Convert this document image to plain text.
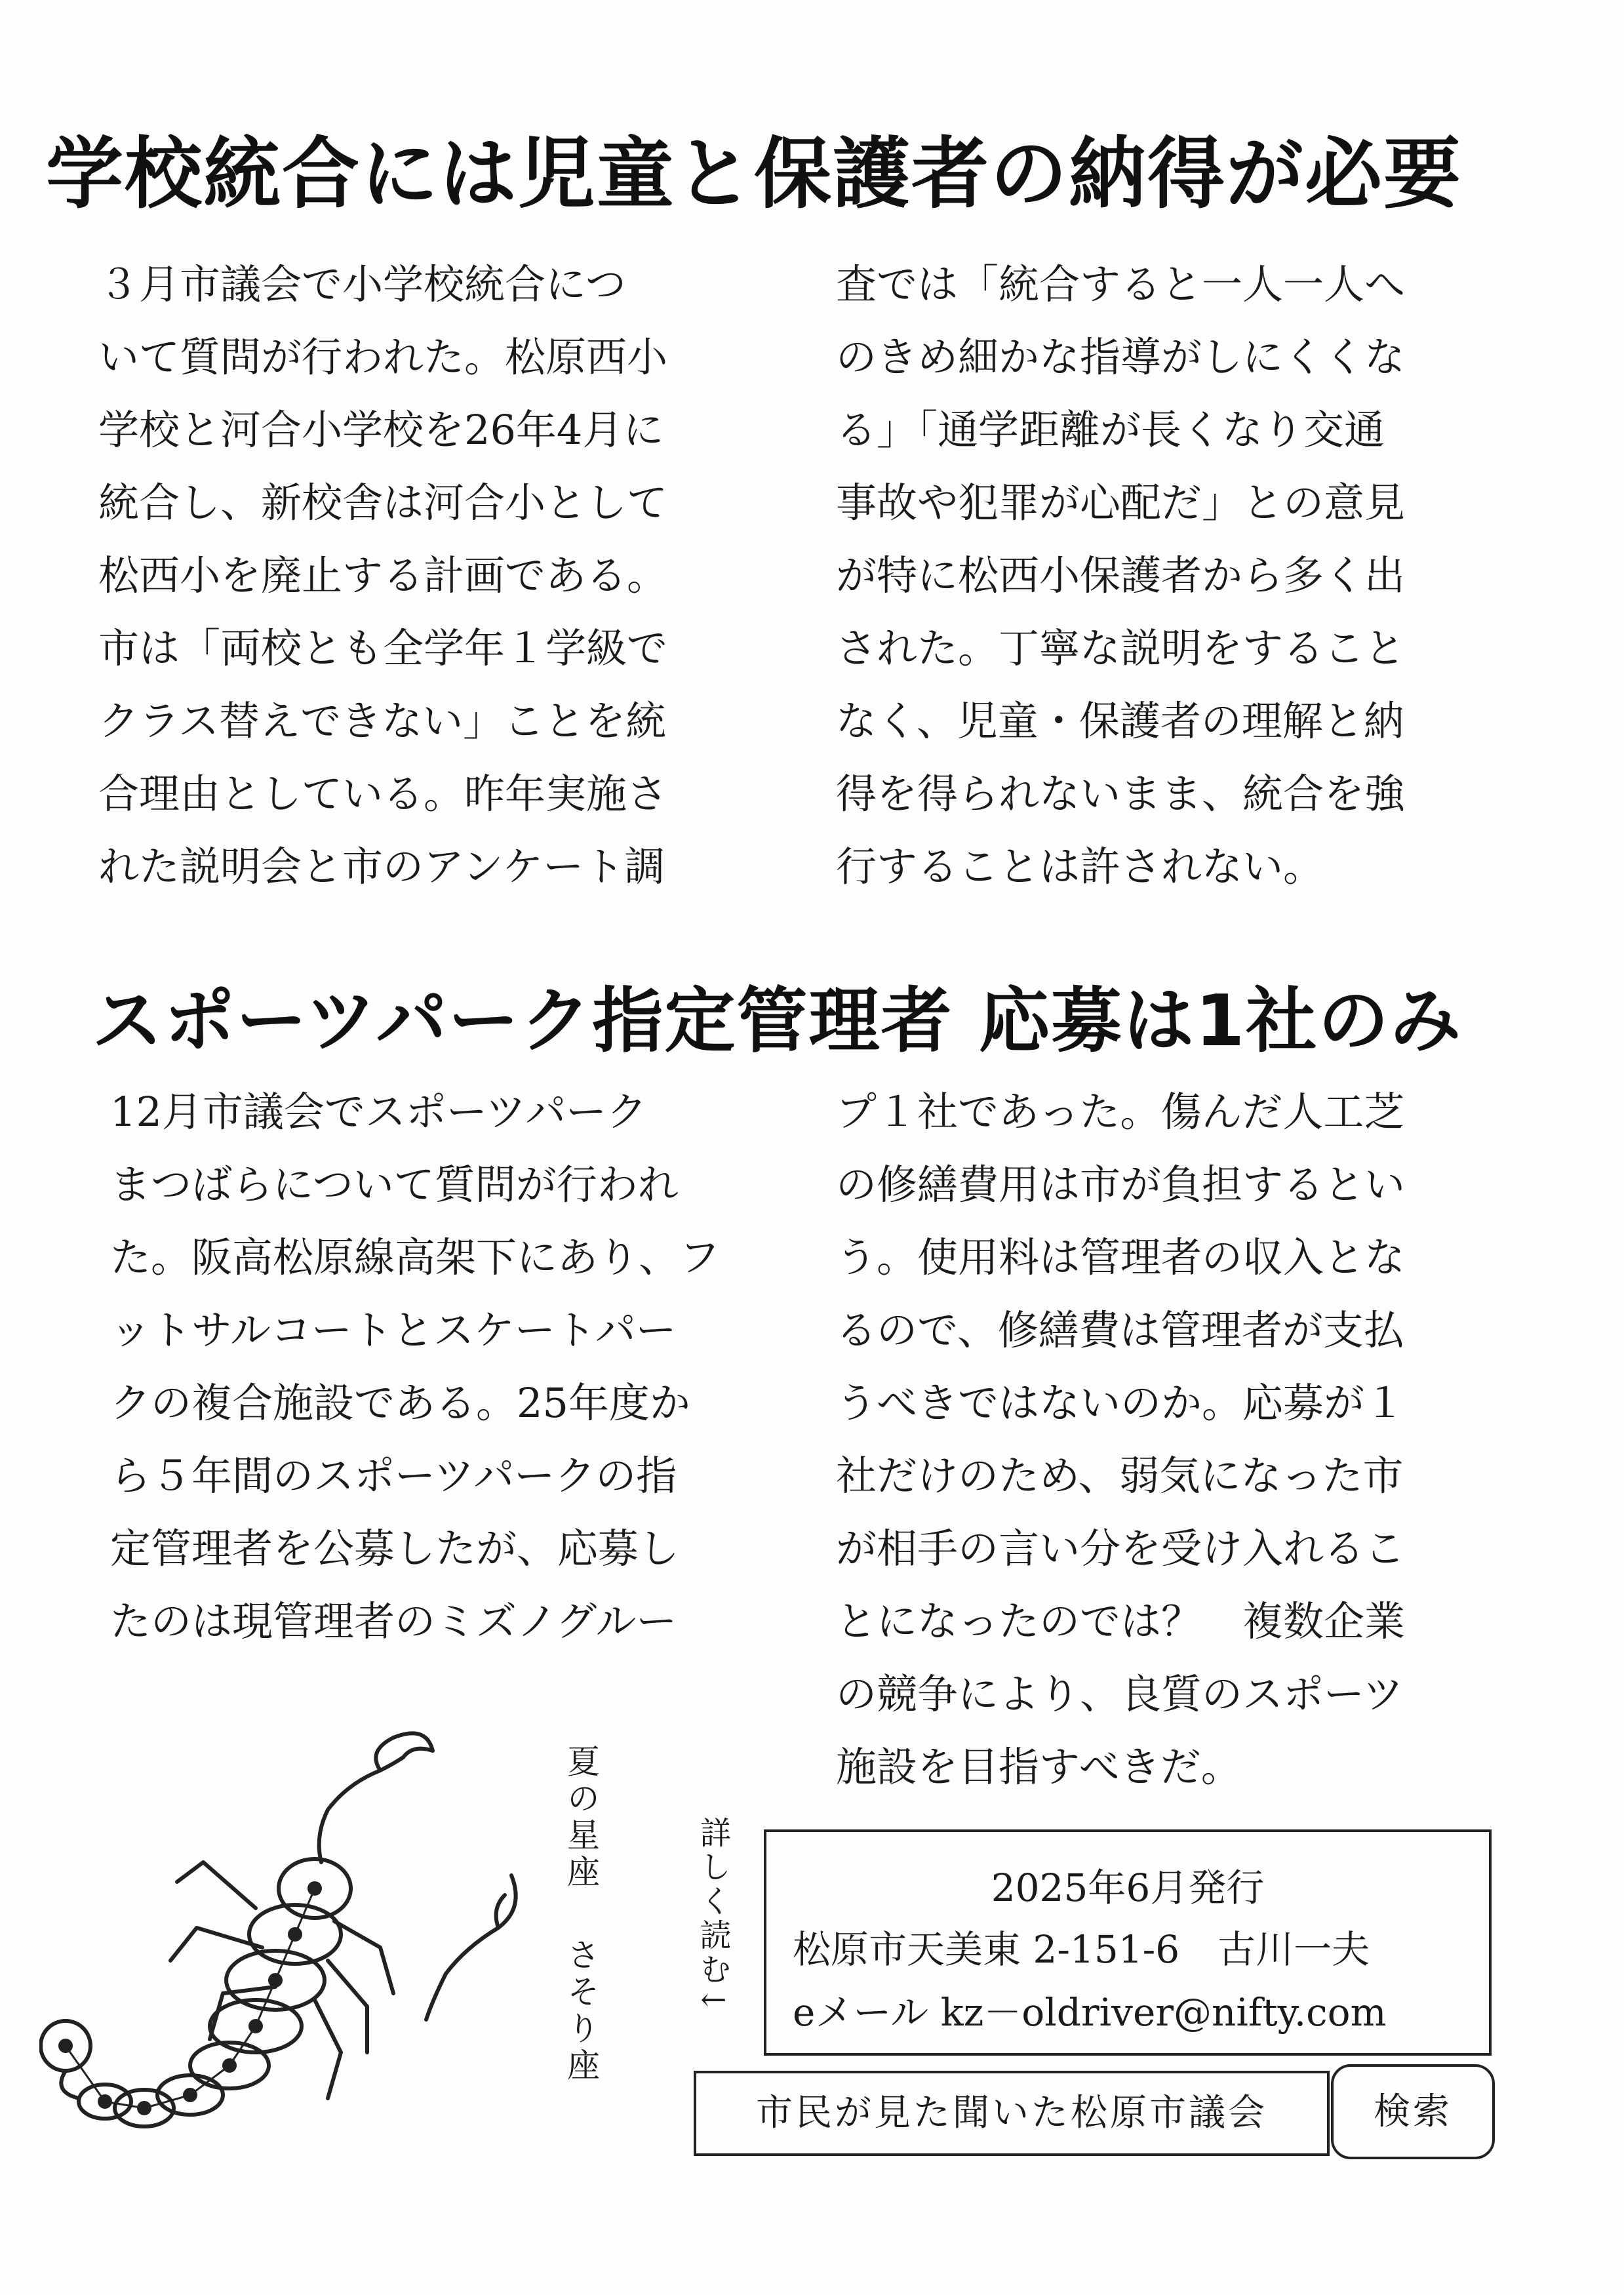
学校統合には児童と保護者の納得が必要
３月市議会で小学校統合につ
いて質問が行われた。松原西小
学校と河合小学校を26年4月に
統合し、新校舎は河合小として
松西小を廃止する計画である。
市は「両校とも全学年１学級で
クラス替えできない」ことを統
合理由としている。昨年実施さ
れた説明会と市のアンケート調
査では「統合すると一人一人へ
のきめ細かな指導がしにくくな
る」「通学距離が長くなり交通
事故や犯罪が心配だ」との意見
が特に松西小保護者から多く出
された。丁寧な説明をすること
なく、児童・保護者の理解と納
得を得られないまま、統合を強
行することは許されない。
スポーツパーク指定管理者 応募は1社のみ
12月市議会でスポーツパーク
まつばらについて質問が行われ
た。阪高松原線高架下にあり、フ
ットサルコートとスケートパー
クの複合施設である。25年度か
ら５年間のスポーツパークの指
定管理者を公募したが、応募し
たのは現管理者のミズノグルー
プ１社であった。傷んだ人工芝
の修繕費用は市が負担するとい
う。使用料は管理者の収入とな
るので、修繕費は管理者が支払
うべきではないのか。応募が１
社だけのため、弱気になった市
が相手の言い分を受け入れるこ
とになったのでは？　複数企業
の競争により、良質のスポーツ
施設を目指すべきだ。
夏の星座
さそり座	詳しく読む↓	2025年6月発行
松原市天美東 2-151-6　古川一夫
eメール kz－oldriver@nifty.com
市民が見た聞いた松原市議会	検索
